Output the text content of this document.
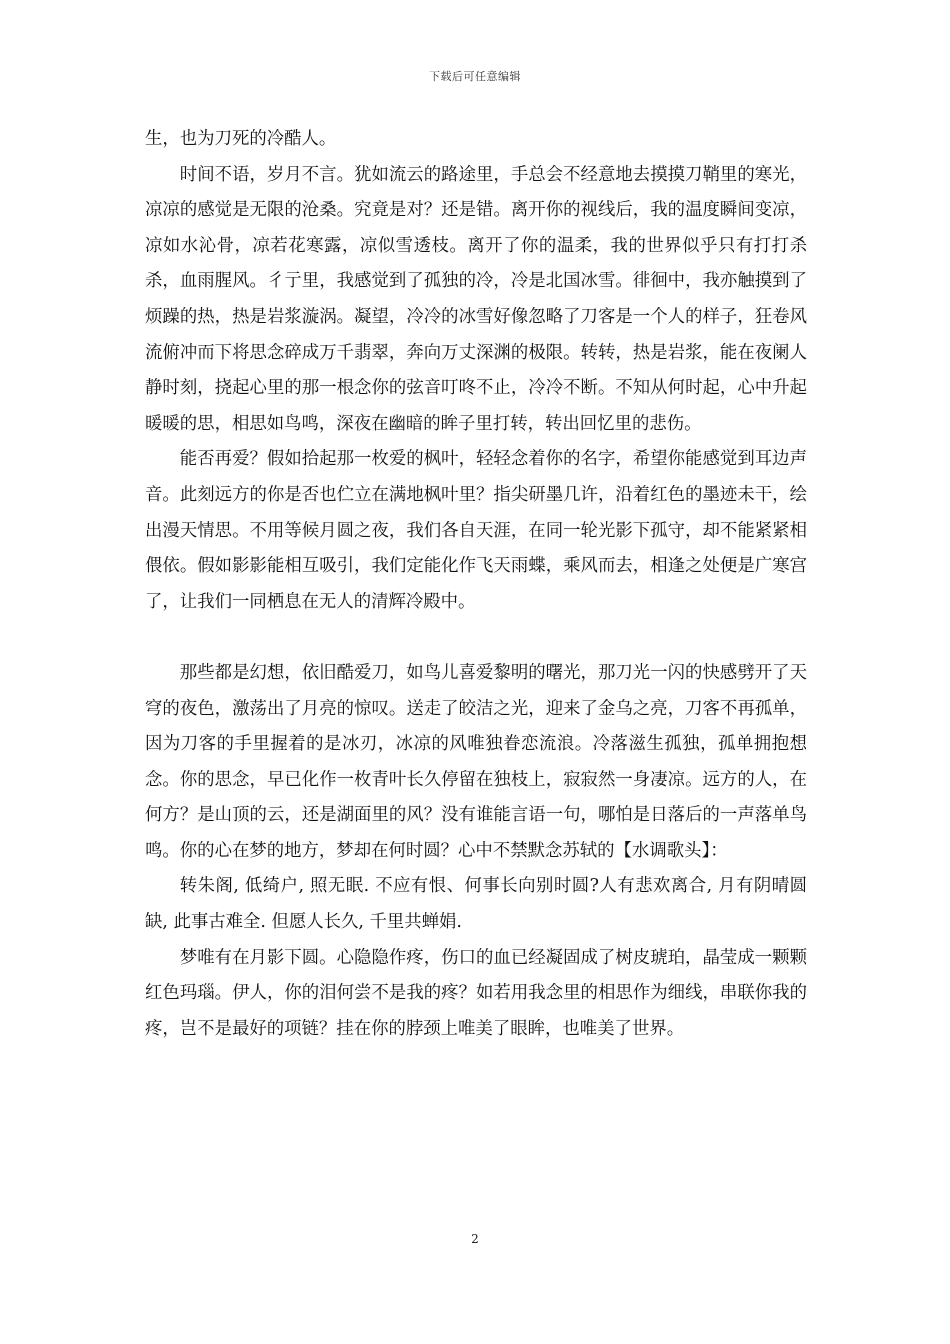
下载后可任意编辑

生，也为刀死的冷酷人。

时间不语，岁月不言。犹如流云的路途里，手总会不经意地去摸摸刀鞘里的寒光，凉凉的感觉是无限的沧桑。究竟是对？还是错。离开你的视线后，我的温度瞬间变凉，凉如水沁骨，凉若花寒露，凉似雪透枝。离开了你的温柔，我的世界似乎只有打打杀杀，血雨腥风。彳亍里，我感觉到了孤独的冷，冷是北国冰雪。徘徊中，我亦触摸到了烦躁的热，热是岩浆漩涡。凝望，冷冷的冰雪好像忽略了刀客是一个人的样子，狂卷风流俯冲而下将思念碎成万千翡翠，奔向万丈深渊的极限。转转，热是岩浆，能在夜阑人静时刻，挠起心里的那一根念你的弦音叮咚不止，冷冷不断。不知从何时起，心中升起暖暖的思，相思如鸟鸣，深夜在幽暗的眸子里打转，转出回忆里的悲伤。

能否再爱？假如拾起那一枚爱的枫叶，轻轻念着你的名字，希望你能感觉到耳边声音。此刻远方的你是否也伫立在满地枫叶里？指尖研墨几许，沿着红色的墨迹未干，绘出漫天情思。不用等候月圆之夜，我们各自天涯，在同一轮光影下孤守，却不能紧紧相偎依。假如影影能相互吸引，我们定能化作飞天雨蝶，乘风而去，相逢之处便是广寒宫了，让我们一同栖息在无人的清辉冷殿中。

那些都是幻想，依旧酷爱刀，如鸟儿喜爱黎明的曙光，那刀光一闪的快感劈开了天穹的夜色，激荡出了月亮的惊叹。送走了皎洁之光，迎来了金乌之亮，刀客不再孤单，因为刀客的手里握着的是冰刃，冰凉的风唯独眷恋流浪。冷落滋生孤独，孤单拥抱想念。你的思念，早已化作一枚青叶长久停留在独枝上，寂寂然一身凄凉。远方的人，在何方？是山顶的云，还是湖面里的风？没有谁能言语一句，哪怕是日落后的一声落单鸟鸣。你的心在梦的地方，梦却在何时圆？心中不禁默念苏轼的【水调歌头】：

转朱阁, 低绮户, 照无眠. 不应有恨、何事长向别时圆?人有悲欢离合, 月有阴晴圆缺, 此事古难全. 但愿人长久, 千里共蝉娟.

梦唯有在月影下圆。心隐隐作疼，伤口的血已经凝固成了树皮琥珀，晶莹成一颗颗红色玛瑙。伊人，你的泪何尝不是我的疼？如若用我念里的相思作为细线，串联你我的疼，岂不是最好的项链？挂在你的脖颈上唯美了眼眸，也唯美了世界。

2
